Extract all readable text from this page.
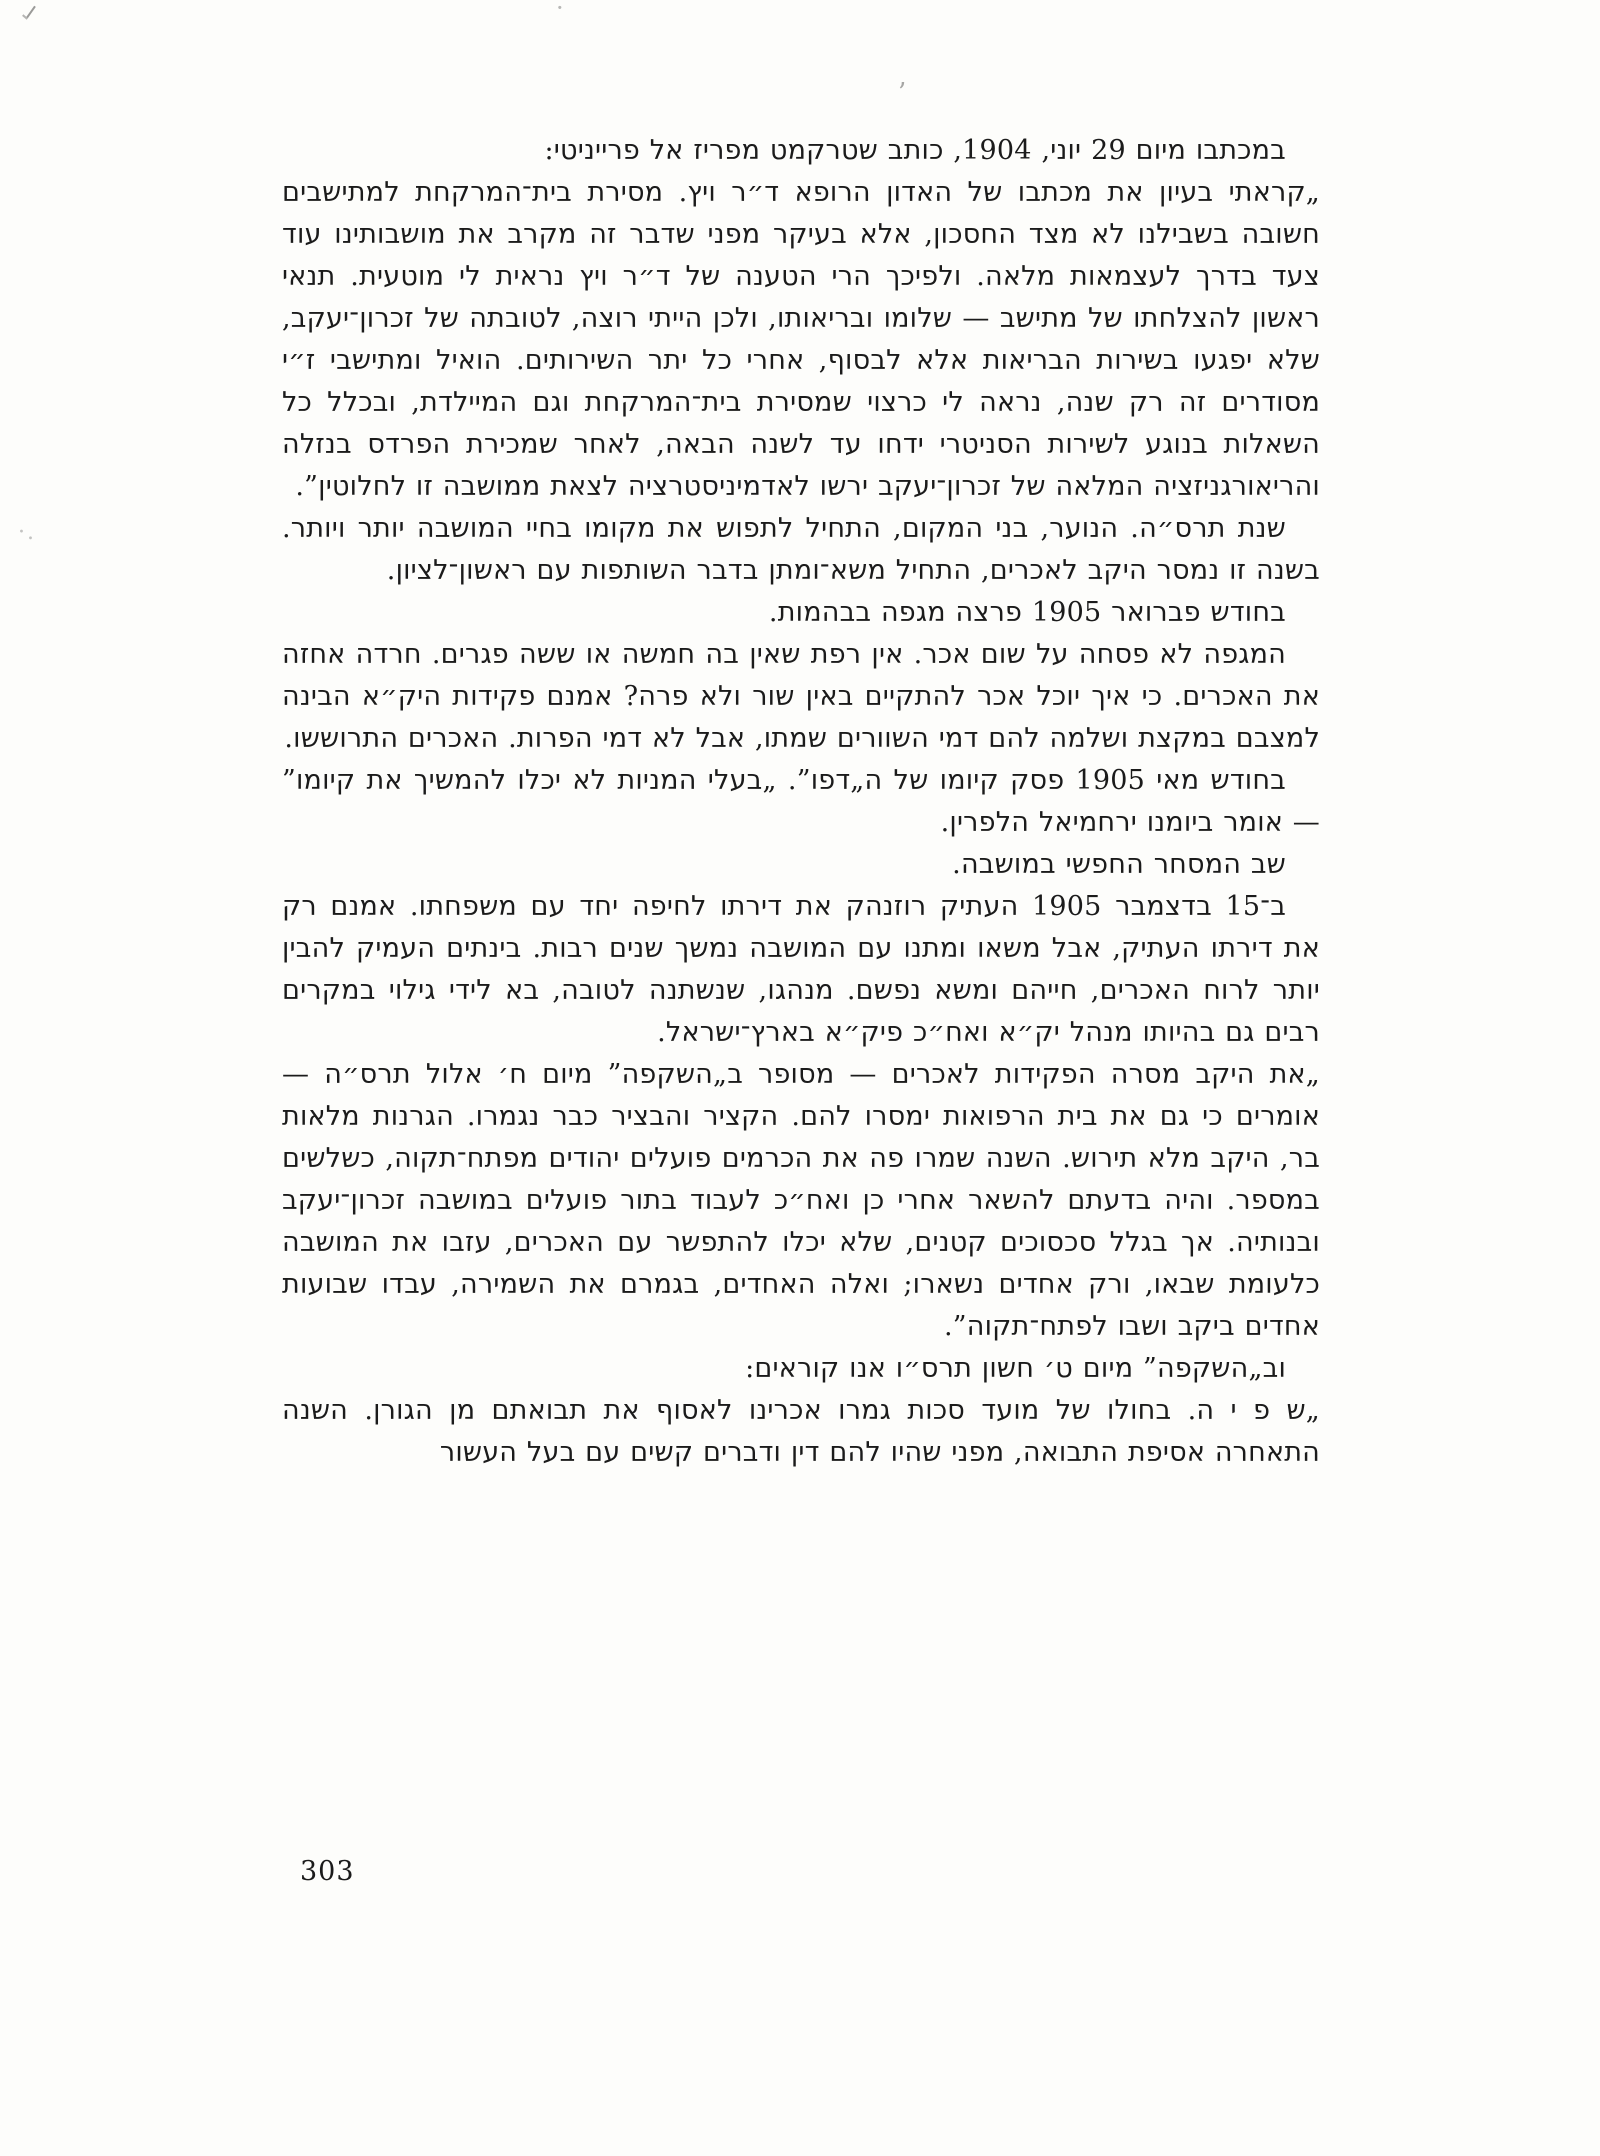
’
·.
·

במכתבו מיום 29 יוני, 1904, כותב שטרקמט מפריז אל פרייניטי:

„קראתי בעיון את מכתבו של האדון הרופא ד״ר ויץ. מסירת בית־המרקחת למתישבים חשובה בשבילנו לא מצד החסכון, אלא בעיקר מפני שדבר זה מקרב את מושבותינו עוד צעד בדרך לעצמאות מלאה. ולפיכך הרי הטענה של ד״ר ויץ נראית לי מוטעית. תנאי ראשון להצלחתו של מתישב — שלומו ובריאותו, ולכן הייתי רוצה, לטובתה של זכרון־יעקב, שלא יפגעו בשירות הבריאות אלא לבסוף, אחרי כל יתר השירותים. הואיל ומתישבי ז״י מסודרים זה רק שנה, נראה לי כרצוי שמסירת בית־המרקחת וגם המיילדת, ובכלל כל השאלות בנוגע לשירות הסניטרי ידחו עד לשנה הבאה, לאחר שמכירת הפרדס בנזלה והריאורגניזציה המלאה של זכרון־יעקב ירשו לאדמיניסטרציה לצאת ממושבה זו לחלוטין”.

שנת תרס״ה. הנוער, בני המקום, התחיל לתפוש את מקומו בחיי המושבה יותר ויותר. בשנה זו נמסר היקב לאכרים, התחיל משא־ומתן בדבר השותפות עם ראשון־לציון.

בחודש פברואר 1905 פרצה מגפה בבהמות.

המגפה לא פסחה על שום אכר. אין רפת שאין בה חמשה או ששה פגרים. חרדה אחזה את האכרים. כי איך יוכל אכר להתקיים באין שור ולא פרה? אמנם פקידות היק״א הבינה למצבם במקצת ושלמה להם דמי השוורים שמתו, אבל לא דמי הפרות. האכרים התרוששו.

בחודש מאי 1905 פסק קיומו של ה„דפו”. „בעלי המניות לא יכלו להמשיך את קיומו” — אומר ביומנו ירחמיאל הלפרין.

שב המסחר החפשי במושבה.

ב־15 בדצמבר 1905 העתיק רוזנהק את דירתו לחיפה יחד עם משפחתו. אמנם רק את דירתו העתיק, אבל משאו ומתנו עם המושבה נמשך שנים רבות. בינתים העמיק להבין יותר לרוח האכרים, חייהם ומשא נפשם. מנהגו, שנשתנה לטובה, בא לידי גילוי במקרים רבים גם בהיותו מנהל יק״א ואח״כ פיק״א בארץ־ישראל.

„את היקב מסרה הפקידות לאכרים — מסופר ב„השקפה” מיום ח׳ אלול תרס״ה — אומרים כי גם את בית הרפואות ימסרו להם. הקציר והבציר כבר נגמרו. הגרנות מלאות בר, היקב מלא תירוש. השנה שמרו פה את הכרמים פועלים יהודים מפתח־תקוה, כשלשים במספר. והיה בדעתם להשאר אחרי כן ואח״כ לעבוד בתור פועלים במושבה זכרון־יעקב ובנותיה. אך בגלל סכסוכים קטנים, שלא יכלו להתפשר עם האכרים, עזבו את המושבה כלעומת שבאו, ורק אחדים נשארו; ואלה האחדים, בגמרם את השמירה, עבדו שבועות אחדים ביקב ושבו לפתח־תקוה”.

וב„השקפה” מיום ט׳ חשון תרס״ו אנו קוראים:

„ש פ י ה. בחולו של מועד סכות גמרו אכרינו לאסוף את תבואתם מן הגורן. השנה התאחרה אסיפת התבואה, מפני שהיו להם דין ודברים קשים עם בעל העשור

303
